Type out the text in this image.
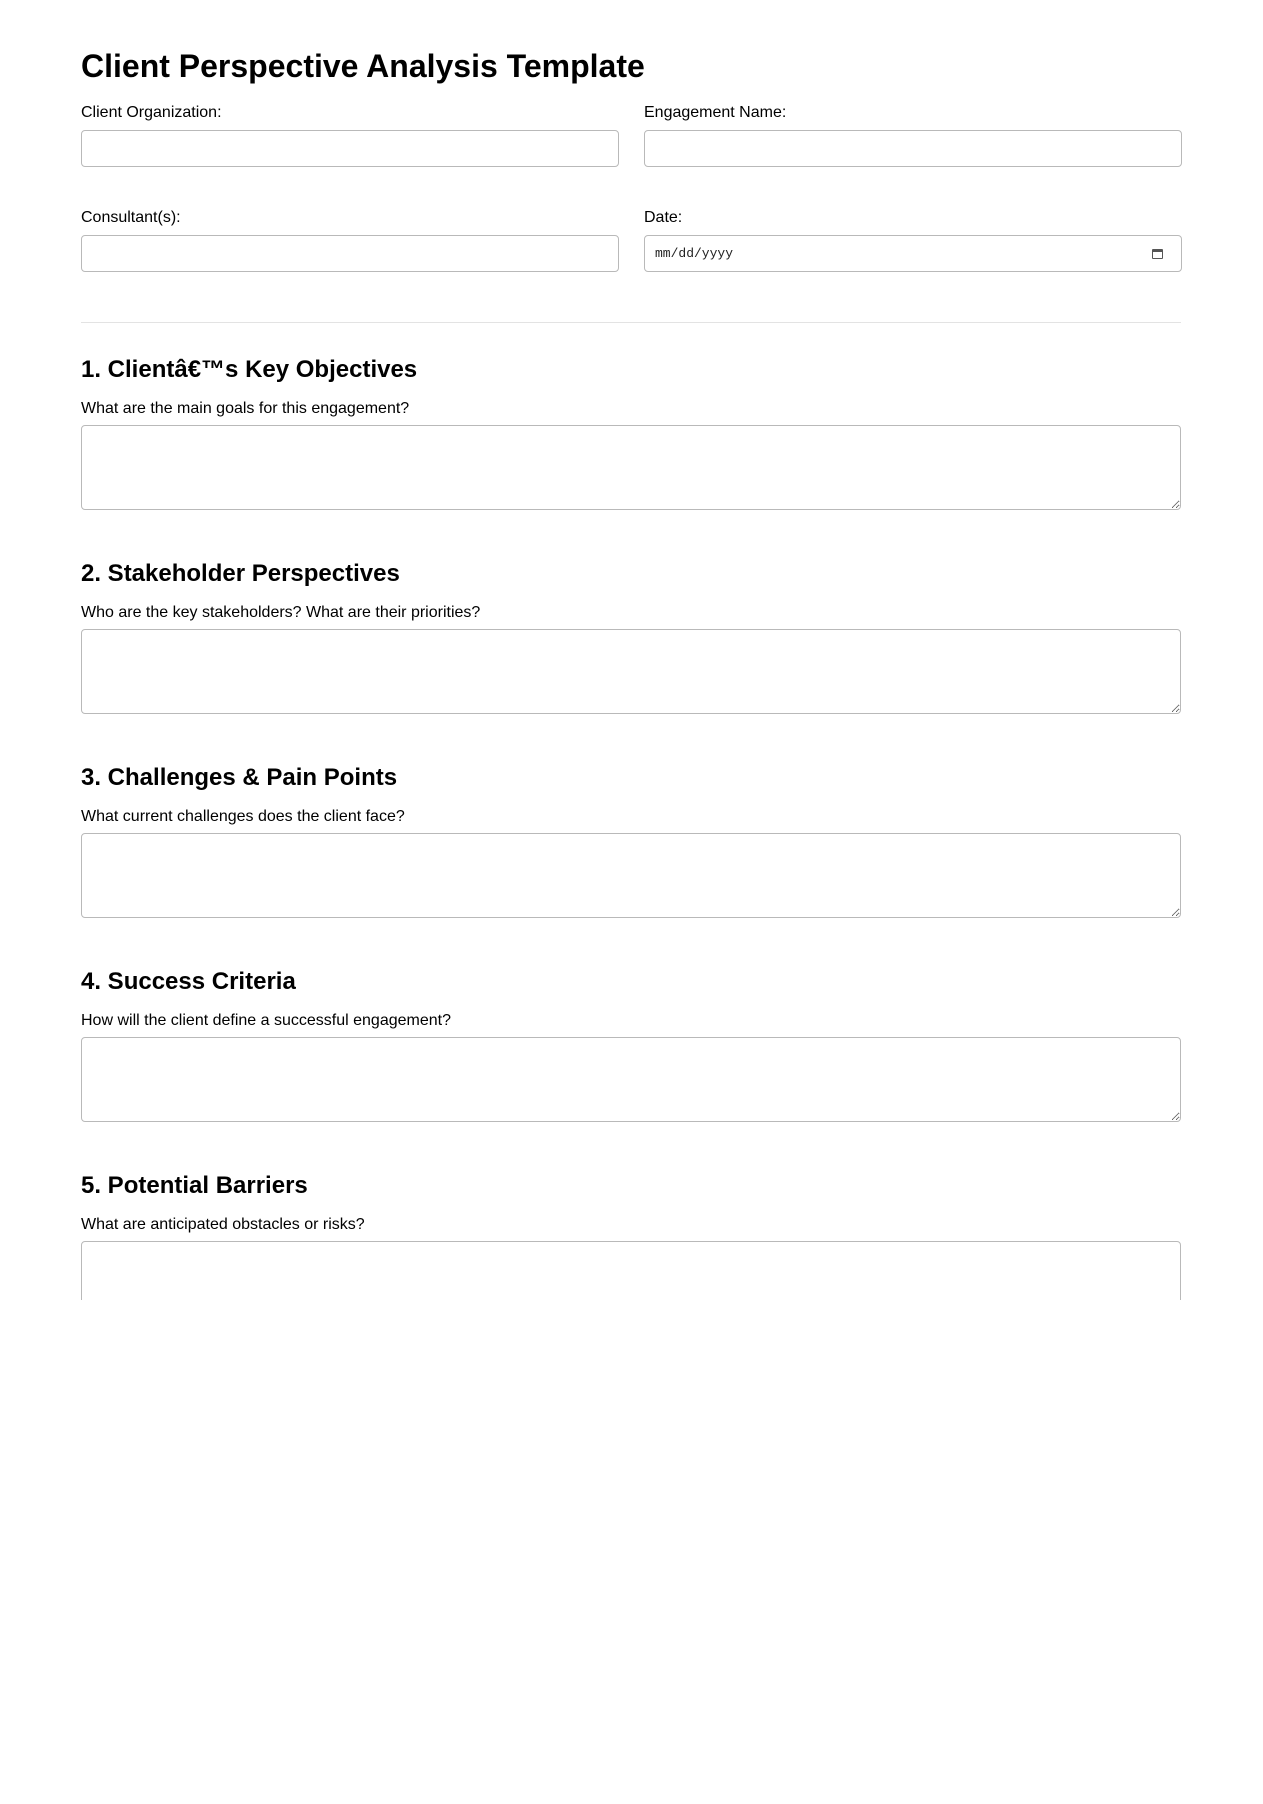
Client Perspective Analysis Template
Client Organization:	Engagement Name:
Consultant(s):	Date:
mm/dd/yyyy
1. Clientâ€™s Key Objectives
What are the main goals for this engagement?
2. Stakeholder Perspectives
Who are the key stakeholders? What are their priorities?
3. Challenges & Pain Points
What current challenges does the client face?
4. Success Criteria
How will the client define a successful engagement?
5. Potential Barriers
What are anticipated obstacles or risks?
